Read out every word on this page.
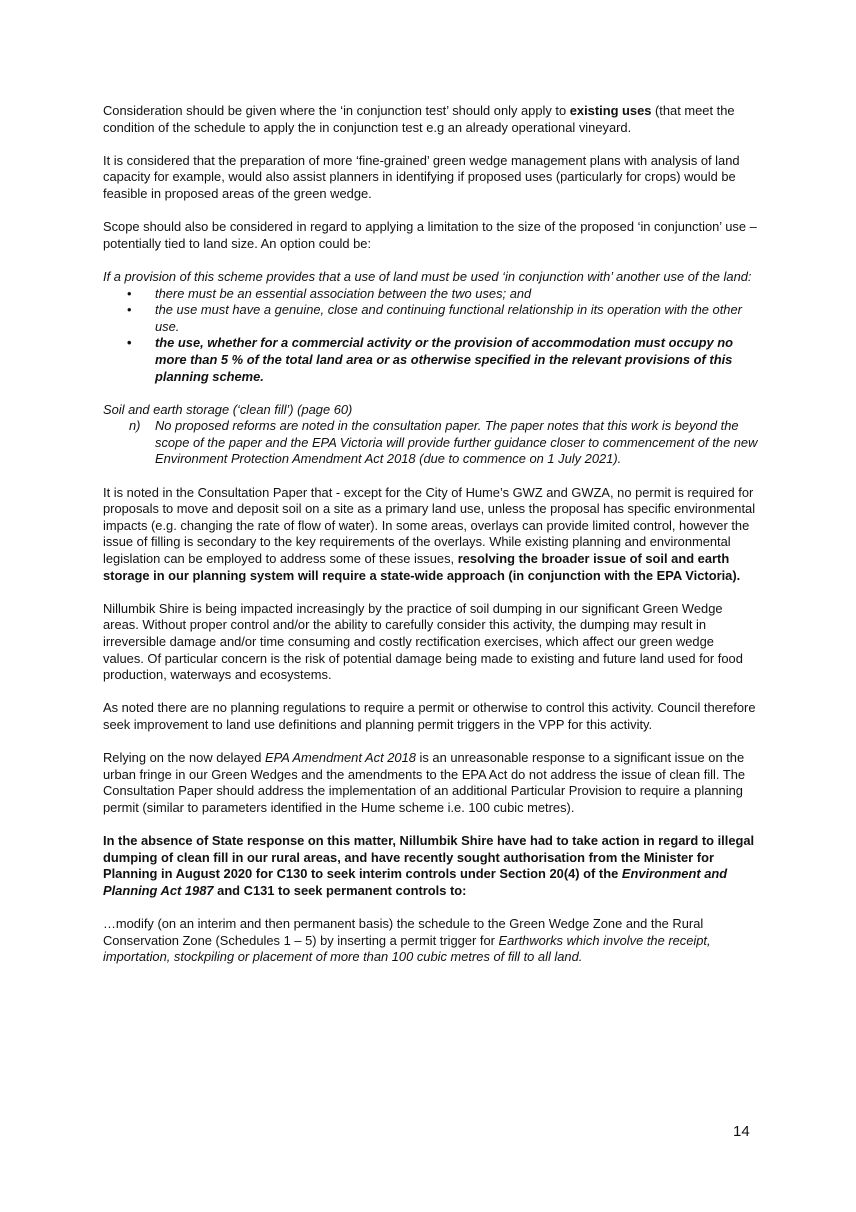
Consideration should be given where the ‘in conjunction test’ should only apply to existing uses (that meet the condition of the schedule to apply the in conjunction test e.g an already operational vineyard.

It is considered that the preparation of more ‘fine-grained’ green wedge management plans with analysis of land capacity for example, would also assist planners in identifying if proposed uses (particularly for crops) would be feasible in proposed areas of the green wedge.

Scope should also be considered in regard to applying a limitation to the size of the proposed ‘in conjunction’ use – potentially tied to land size. An option could be:

If a provision of this scheme provides that a use of land must be used ‘in conjunction with’ another use of the land:

• there must be an essential association between the two uses; and
• the use must have a genuine, close and continuing functional relationship in its operation with the other use.
• the use, whether for a commercial activity or the provision of accommodation must occupy no more than 5 % of the total land area or as otherwise specified in the relevant provisions of this planning scheme.

Soil and earth storage (‘clean fill’) (page 60)

n) No proposed reforms are noted in the consultation paper. The paper notes that this work is beyond the scope of the paper and the EPA Victoria will provide further guidance closer to commencement of the new Environment Protection Amendment Act 2018 (due to commence on 1 July 2021).

It is noted in the Consultation Paper that - except for the City of Hume’s GWZ and GWZA, no permit is required for proposals to move and deposit soil on a site as a primary land use, unless the proposal has specific environmental impacts (e.g. changing the rate of flow of water). In some areas, overlays can provide limited control, however the issue of filling is secondary to the key requirements of the overlays. While existing planning and environmental legislation can be employed to address some of these issues, resolving the broader issue of soil and earth storage in our planning system will require a state-wide approach (in conjunction with the EPA Victoria).

Nillumbik Shire is being impacted increasingly by the practice of soil dumping in our significant Green Wedge areas. Without proper control and/or the ability to carefully consider this activity, the dumping may result in irreversible damage and/or time consuming and costly rectification exercises, which affect our green wedge values. Of particular concern is the risk of potential damage being made to existing and future land used for food production, waterways and ecosystems.

As noted there are no planning regulations to require a permit or otherwise to control this activity. Council therefore seek improvement to land use definitions and planning permit triggers in the VPP for this activity.

Relying on the now delayed EPA Amendment Act 2018 is an unreasonable response to a significant issue on the urban fringe in our Green Wedges and the amendments to the EPA Act do not address the issue of clean fill. The Consultation Paper should address the implementation of an additional Particular Provision to require a planning permit (similar to parameters identified in the Hume scheme i.e. 100 cubic metres).

In the absence of State response on this matter, Nillumbik Shire have had to take action in regard to illegal dumping of clean fill in our rural areas, and have recently sought authorisation from the Minister for Planning in August 2020 for C130 to seek interim controls under Section 20(4) of the Environment and Planning Act 1987 and C131 to seek permanent controls to:

…modify (on an interim and then permanent basis) the schedule to the Green Wedge Zone and the Rural Conservation Zone (Schedules 1 – 5) by inserting a permit trigger for Earthworks which involve the receipt, importation, stockpiling or placement of more than 100 cubic metres of fill to all land.

14
